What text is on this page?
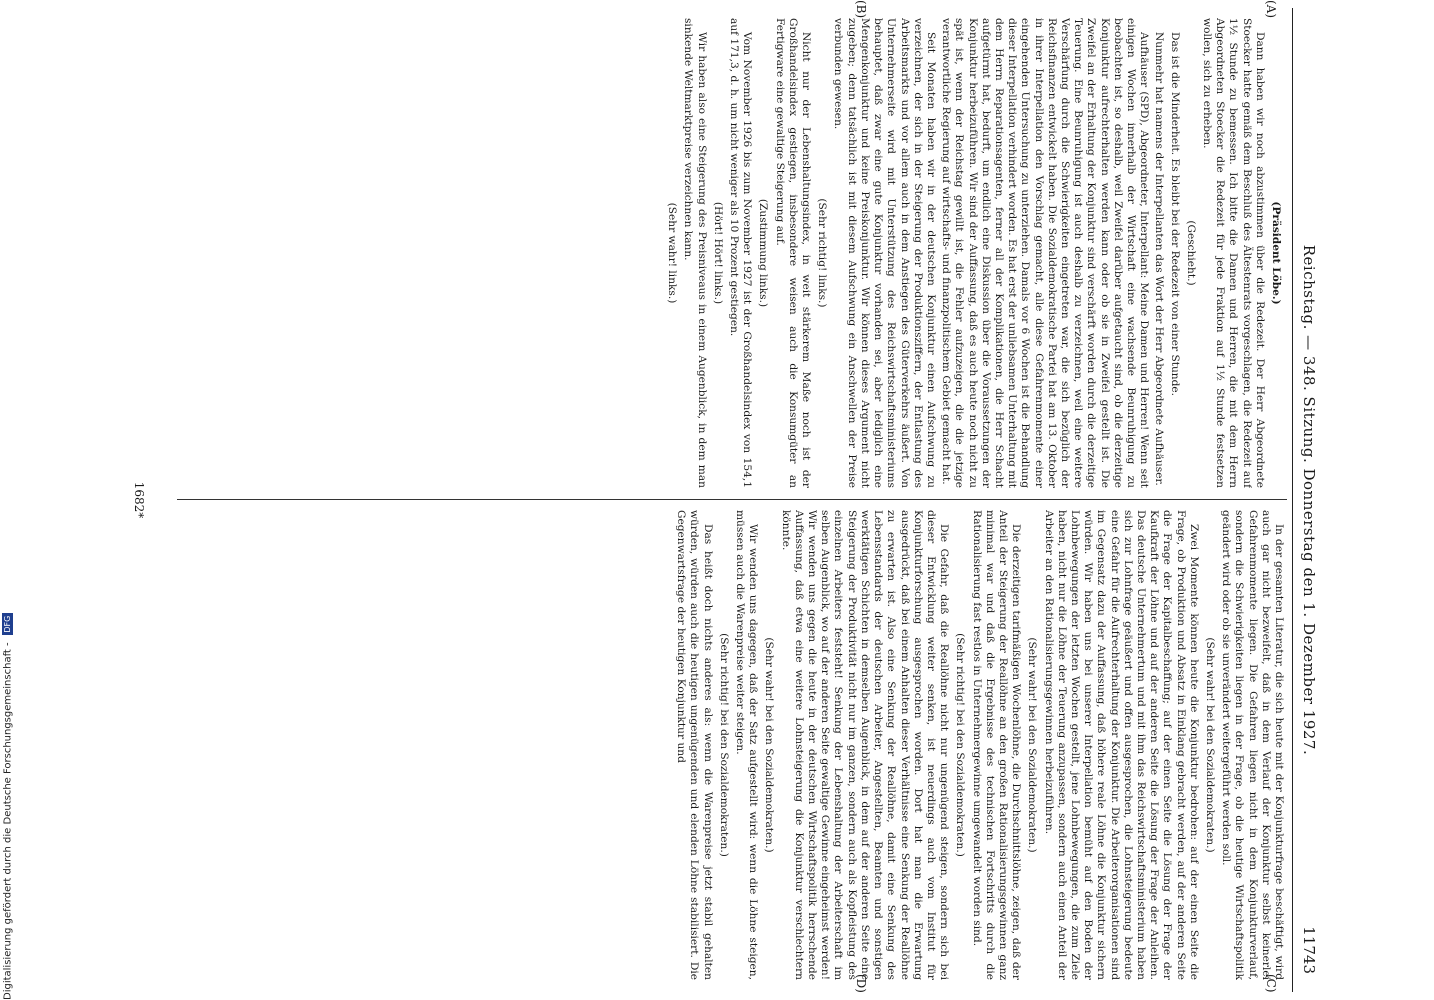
Reichstag. — 348. Sitzung. Donnerstag den 1. Dezember 1927.
11743
(A)
(B)
(C)
(D)

(Präsident Löbe.)

Dann haben wir noch abzustimmen über die Redezeit. Der Herr Abgeordnete Stoecker hatte gemäß dem Beschluß des Ältestenrats vorgeschlagen, die Redezeit auf 1½ Stunde zu bemessen. Ich bitte die Damen und Herren, die mit dem Herrn Abgeordneten Stoecker die Redezeit für jede Fraktion auf 1½ Stunde festsetzen wollen, sich zu erheben.

(Geschieht.)

Das ist die Minderheit. Es bleibt bei der Redezeit von einer Stunde.

Nunmehr hat namens der Interpellanten das Wort der Herr Abgeordnete Aufhäuser.

Aufhäuser (SPD), Abgeordneter, Interpellant: Meine Damen und Herren! Wenn seit einigen Wochen innerhalb der Wirtschaft eine wachsende Beunruhigung zu beobachten ist, so deshalb, weil Zweifel darüber aufgetaucht sind, ob die derzeitige Konjunktur aufrechterhalten werden kann oder ob sie in Zweifel gestellt ist. Die Zweifel an der Erhaltung der Konjunktur sind verschärft worden durch die derzeitige Teuerung. Eine Beunruhigung ist auch deshalb zu verzeichnen, weil eine weitere Verschärfung durch die Schwierigkeiten eingetreten war, die sich bezüglich der Reichsfinanzen entwickelt haben. Die Sozialdemokratische Partei hat am 13. Oktober in ihrer Interpellation den Vorschlag gemacht, alle diese Gefahrenmomente einer eingehenden Untersuchung zu unterziehen. Damals vor 6 Wochen ist die Behandlung dieser Interpellation verhindert worden. Es hat erst der unliebsamen Unterhaltung mit dem Herrn Reparationsagenten, ferner all der Komplikationen, die Herr Schacht aufgetürmt hat, bedurft, um endlich eine Diskussion über die Voraussetzungen der Konjunktur herbeizuführen. Wir sind der Auffassung, daß es auch heute noch nicht zu spät ist, wenn der Reichstag gewillt ist, die Fehler aufzuzeigen, die die jetzige verantwortliche Regierung auf wirtschafts- und finanzpolitischem Gebiet gemacht hat.

Seit Monaten haben wir in der deutschen Konjunktur einen Aufschwung zu verzeichnen, der sich in der Steigerung der Produktionsziffern, der Entlastung des Arbeitsmarkts und vor allem auch in dem Anstiegen des Güterverkehrs äußert. Von Unternehmerseite wird mit Unterstützung des Reichswirtschaftsministeriums behauptet, daß zwar eine gute Konjunktur vorhanden sei, aber lediglich eine Mengenkonjunktur und keine Preiskonjunktur. Wir können dieses Argument nicht zugeben; denn tatsächlich ist mit diesem Aufschwung ein Anschwellen der Preise verbunden gewesen.

(Sehr richtig! links.)

Nicht nur der Lebenshaltungsindex, in weit stärkerem Maße noch ist der Großhandelsindex gestiegen, insbesondere weisen auch die Konsumgüter an Fertigware eine gewaltige Steigerung auf.

(Zustimmung links.)

Vom November 1926 bis zum November 1927 ist der Großhandelsindex von 154,1 auf 171,3, d. h. um nicht weniger als 10 Prozent gestiegen.

(Hört! Hört! links.)

Wir haben also eine Steigerung des Preisniveaus in einem Augenblick, in dem man sinkende Weltmarktpreise verzeichnen kann.

(Sehr wahr! links.)

In der gesamten Literatur, die sich heute mit der Konjunkturfrage beschäftigt, wird auch gar nicht bezweifelt, daß in dem Verlauf der Konjunktur selbst keinerlei Gefahrenmomente liegen. Die Gefahren liegen nicht in dem Konjunkturverlauf, sondern die Schwierigkeiten liegen in der Frage, ob die heutige Wirtschaftspolitik geändert wird oder ob sie unverändert weitergeführt werden soll.

(Sehr wahr! bei den Sozialdemokraten.)

Zwei Momente können heute die Konjunktur bedrohen: auf der einen Seite die Frage, ob Produktion und Absatz in Einklang gebracht werden, auf der anderen Seite die Frage der Kapitalbeschaffung; auf der einen Seite die Lösung der Frage der Kaufkraft der Löhne und auf der anderen Seite die Lösung der Frage der Anleihen. Das deutsche Unternehmertum und mit ihm das Reichswirtschaftsministerium haben sich zur Lohnfrage geäußert und offen ausgesprochen, die Lohnsteigerung bedeute eine Gefahr für die Aufrechterhaltung der Konjunktur. Die Arbeiterorganisationen sind im Gegensatz dazu der Auffassung, daß höhere reale Löhne die Konjunktur sichern würden. Wir haben uns bei unserer Interpellation bemüht auf den Boden der Lohnbewegungen der letzten Wochen gestellt, jene Lohnbewegungen, die zum Ziele haben, nicht nur die Löhne der Teuerung anzupassen, sondern auch einen Anteil der Arbeiter an den Rationalisierungsgewinnen herbeizuführen.

(Sehr wahr! bei den Sozialdemokraten.)

Die derzeitigen tarifmäßigen Wochenlöhne, die Durchschnittslöhne, zeigen, daß der Anteil der Steigerung der Reallöhne an den großen Rationalisierungsgewinnen ganz minimal war und daß die Ergebnisse des technischen Fortschritts durch die Rationalisierung fast restlos in Unternehmergewinne umgewandelt worden sind.

(Sehr richtig! bei den Sozialdemokraten.)

Die Gefahr, daß die Reallöhne nicht nur ungenügend steigen, sondern sich bei dieser Entwicklung weiter senken, ist neuerdings auch vom Institut für Konjunkturforschung ausgesprochen worden. Dort hat man die Erwartung ausgedrückt, daß bei einem Anhalten dieser Verhältnisse eine Senkung der Reallöhne zu erwarten ist. Also eine Senkung der Reallöhne, damit eine Senkung des Lebensstandards der deutschen Arbeiter, Angestellten, Beamten und sonstigen werktätigen Schichten in demselben Augenblick, in dem auf der anderen Seite eine Steigerung der Produktivität nicht nur im ganzen, sondern auch als Kopfleistung des einzelnen Arbeiters feststeht! Senkung der Lebenshaltung der Arbeiterschaft im selben Augenblick, wo auf der anderen Seite gewaltige Gewinne eingeheimst werden! Wir wenden uns gegen die heute in der deutschen Wirtschaftspolitik herrschende Auffassung, daß etwa eine weitere Lohnsteigerung die Konjunktur verschlechtern könnte.

(Sehr wahr! bei den Sozialdemokraten.)

Wir wenden uns dagegen, daß der Satz aufgestellt wird: wenn die Löhne steigen, müssen auch die Warenpreise weiter steigen.

(Sehr richtig! bei den Sozialdemokraten.)

Das heißt doch nichts anderes als: wenn die Warenpreise jetzt stabil gehalten würden, würden auch die heutigen ungenügenden und elenden Löhne stabilisiert. Die Gegenwartsfrage der heutigen Konjunktur und

1682*
Digitalisierung gefördert durch die Deutsche Forschungsgemeinschaft - DFG
